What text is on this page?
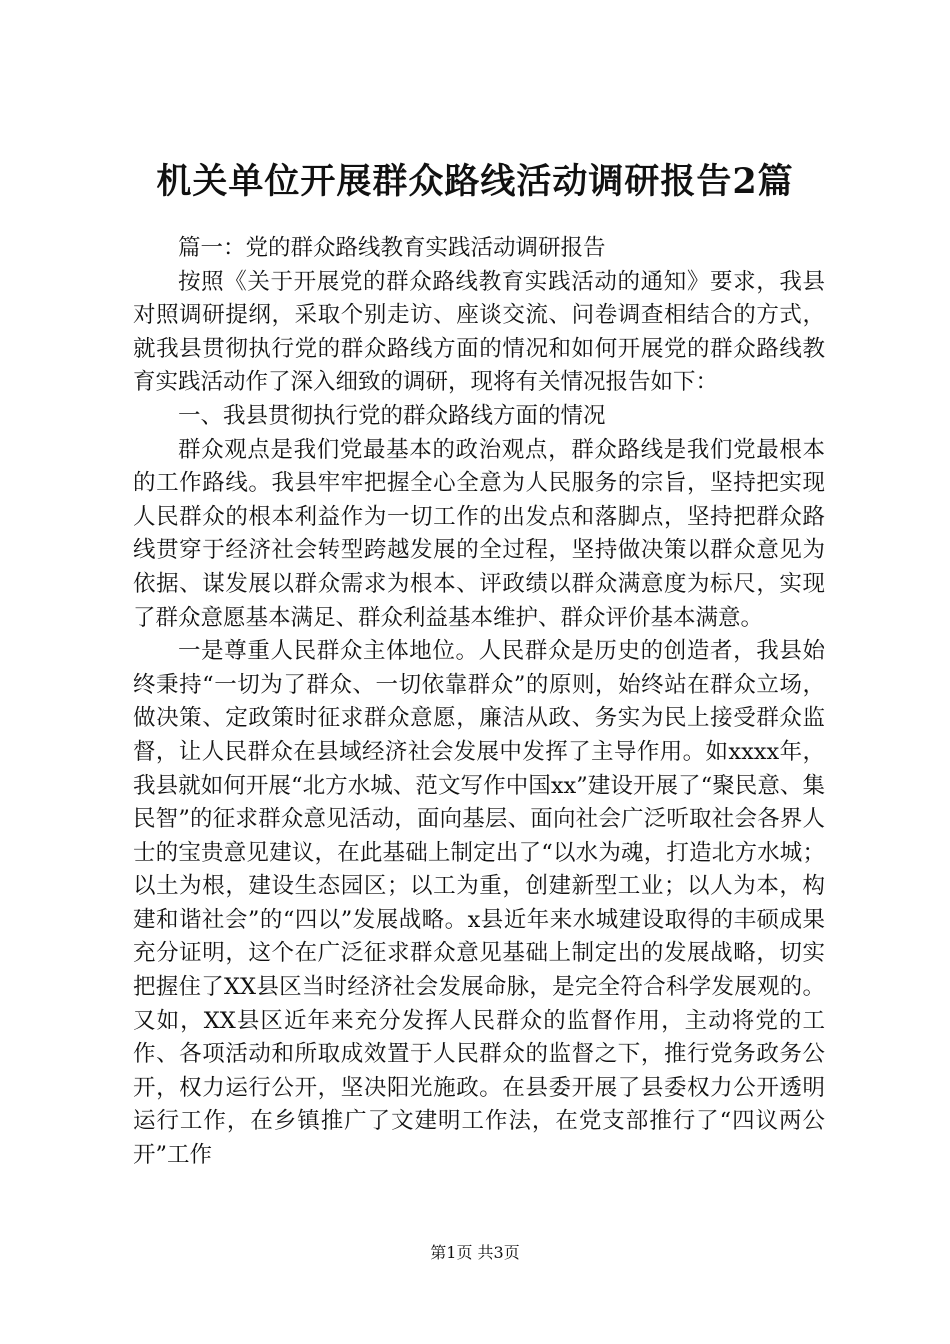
机关单位开展群众路线活动调研报告2篇

篇一：党的群众路线教育实践活动调研报告

按照《关于开展党的群众路线教育实践活动的通知》要求，我县对照调研提纲，采取个别走访、座谈交流、问卷调查相结合的方式，就我县贯彻执行党的群众路线方面的情况和如何开展党的群众路线教育实践活动作了深入细致的调研，现将有关情况报告如下：

一、我县贯彻执行党的群众路线方面的情况

群众观点是我们党最基本的政治观点，群众路线是我们党最根本的工作路线。我县牢牢把握全心全意为人民服务的宗旨，坚持把实现人民群众的根本利益作为一切工作的出发点和落脚点，坚持把群众路线贯穿于经济社会转型跨越发展的全过程，坚持做决策以群众意见为依据、谋发展以群众需求为根本、评政绩以群众满意度为标尺，实现了群众意愿基本满足、群众利益基本维护、群众评价基本满意。

一是尊重人民群众主体地位。人民群众是历史的创造者，我县始终秉持“一切为了群众、一切依靠群众”的原则，始终站在群众立场，做决策、定政策时征求群众意愿，廉洁从政、务实为民上接受群众监督，让人民群众在县域经济社会发展中发挥了主导作用。如xxxx年，我县就如何开展“北方水城、范文写作中国xx”建设开展了“聚民意、集民智”的征求群众意见活动，面向基层、面向社会广泛听取社会各界人士的宝贵意见建议，在此基础上制定出了“以水为魂，打造北方水城；以土为根，建设生态园区；以工为重，创建新型工业；以人为本，构建和谐社会”的“四以”发展战略。x县近年来水城建设取得的丰硕成果充分证明，这个在广泛征求群众意见基础上制定出的发展战略，切实把握住了XX县区当时经济社会发展命脉，是完全符合科学发展观的。又如，XX县区近年来充分发挥人民群众的监督作用，主动将党的工作、各项活动和所取成效置于人民群众的监督之下，推行党务政务公开，权力运行公开，坚决阳光施政。在县委开展了县委权力公开透明运行工作，在乡镇推广了文建明工作法，在党支部推行了“四议两公开”工作

第1页 共3页
